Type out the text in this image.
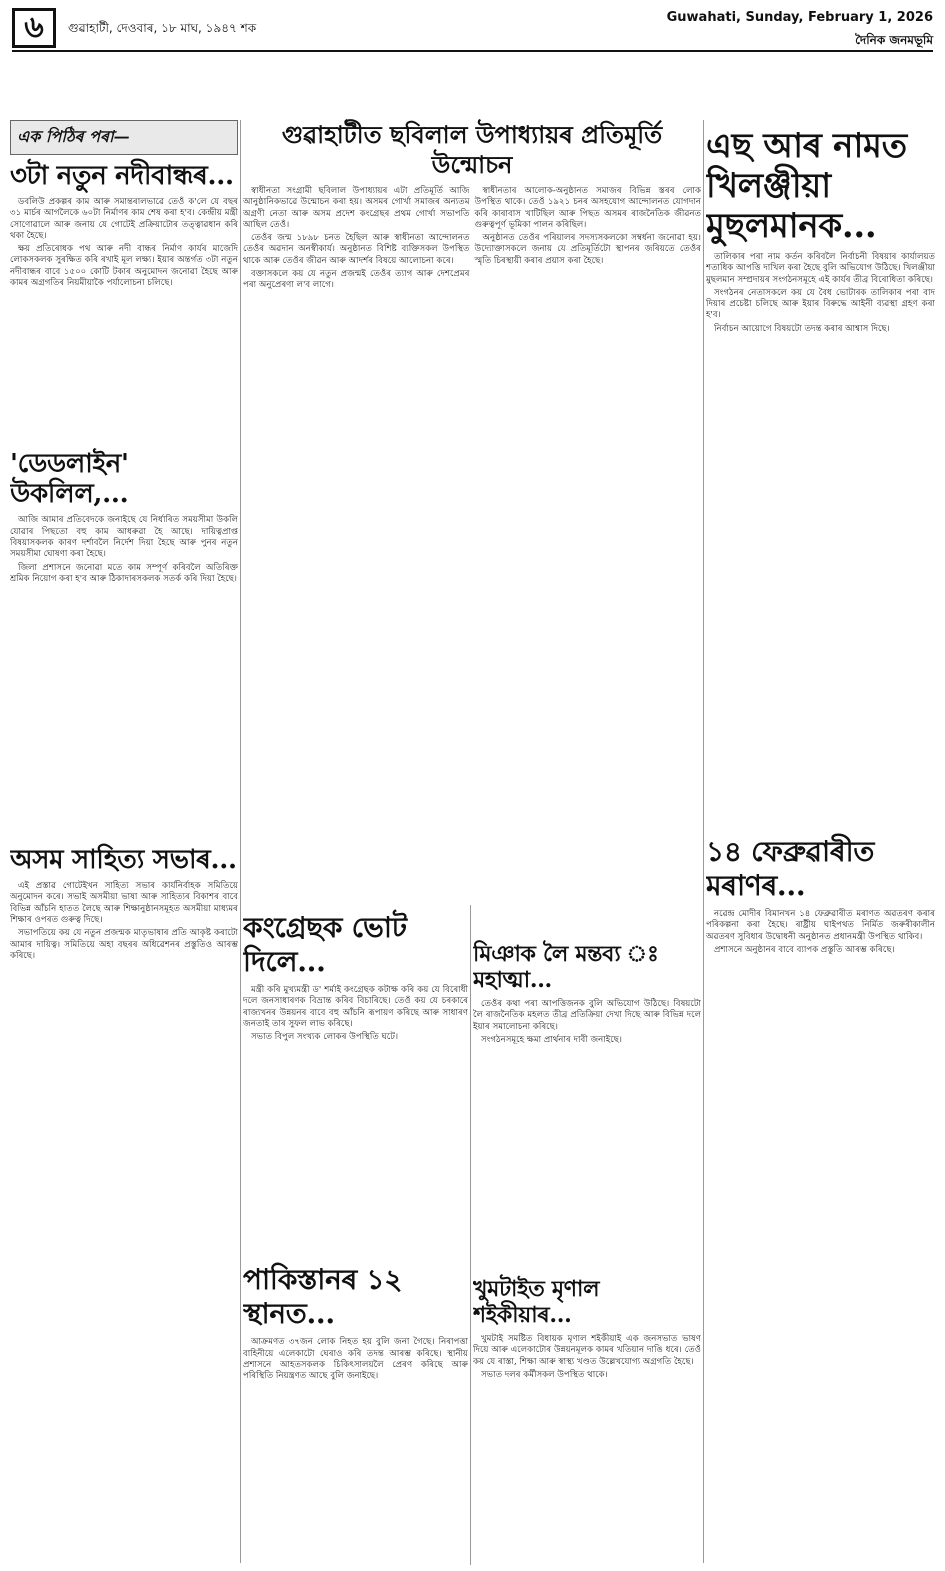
৬	গুৱাহাটী, দেওবাৰ, ১৮ মাঘ, ১৯৪৭ শক
Guwahati, Sunday, February 1, 2026
দৈনিক জনমভূমি
এক পিঠিৰ পৰা—
৩টা নতুন নদীবান্ধৰ...

ডবলিউ প্ৰকল্পৰ কাম আৰু সমান্তৰালভাৱে তেওঁ ক'লে যে বছৰ ৩১ মাৰ্চৰ আগলৈকে ৬০টা নিৰ্মাণৰ কাম শেষ কৰা হ'ব। কেন্দ্ৰীয় মন্ত্ৰী সোণোৱালে আৰু জনায় যে গোটেই প্ৰক্ৰিয়াটোৰ তত্ত্বাৱধান কৰি থকা হৈছে।

ক্ষয় প্ৰতিৰোধক পথ আৰু নদী বান্ধৰ নিৰ্মাণ কাৰ্যৰ মাজেদি লোকসকলক সুৰক্ষিত কৰি ৰখাই মূল লক্ষ্য। ইয়াৰ অন্তৰ্গত ৩টা নতুন নদীবান্ধৰ বাবে ১৫০০ কোটি টকাৰ অনুমোদন জনোৱা হৈছে আৰু কামৰ অগ্ৰগতিৰ নিয়মীয়াকৈ পৰ্যালোচনা চলিছে।

'ডেডলাইন' উকলিল,...

আজি আমাৰ প্ৰতিবেদকে জনাইছে যে নিৰ্ধাৰিত সময়সীমা উকলি যোৱাৰ পিছতো বহু কাম আধৰুৱা হৈ আছে। দায়িত্বপ্ৰাপ্ত বিষয়াসকলক কাৰণ দৰ্শাবলৈ নিৰ্দেশ দিয়া হৈছে আৰু পুনৰ নতুন সময়সীমা ঘোষণা কৰা হৈছে।

জিলা প্ৰশাসনে জনোৱা মতে কাম সম্পূৰ্ণ কৰিবলৈ অতিৰিক্ত শ্ৰমিক নিয়োগ কৰা হ'ব আৰু ঠিকাদাৰসকলক সতৰ্ক কৰি দিয়া হৈছে।

অসম সাহিত্য সভাৰ...

এই প্ৰস্তাৱ গোটেইখন সাহিত্য সভাৰ কাৰ্যনিৰ্বাহক সমিতিয়ে অনুমোদন কৰে। সভাই অসমীয়া ভাষা আৰু সাহিত্যৰ বিকাশৰ বাবে বিভিন্ন আঁচনি হাতত লৈছে আৰু শিক্ষানুষ্ঠানসমূহত অসমীয়া মাধ্যমৰ শিক্ষাৰ ওপৰত গুৰুত্ব দিছে।

সভাপতিয়ে কয় যে নতুন প্ৰজন্মক মাতৃভাষাৰ প্ৰতি আকৃষ্ট কৰাটো আমাৰ দায়িত্ব। সমিতিয়ে অহা বছৰৰ অধিৱেশনৰ প্ৰস্তুতিও আৰম্ভ কৰিছে।

গুৱাহাটীত ছবিলাল উপাধ্যায়ৰ প্ৰতিমূৰ্তি উন্মোচন

স্বাধীনতা সংগ্ৰামী ছবিলাল উপাধ্যায়ৰ এটা প্ৰতিমূৰ্তি আজি আনুষ্ঠানিকভাৱে উন্মোচন কৰা হয়। অসমৰ গোৰ্খা সমাজৰ অন্যতম অগ্ৰণী নেতা আৰু অসম প্ৰদেশ কংগ্ৰেছৰ প্ৰথম গোৰ্খা সভাপতি আছিল তেওঁ।

তেওঁৰ জন্ম ১৮৯৮ চনত হৈছিল আৰু স্বাধীনতা আন্দোলনত তেওঁৰ অৱদান অনস্বীকাৰ্য। অনুষ্ঠানত বিশিষ্ট ব্যক্তিসকল উপস্থিত থাকে আৰু তেওঁৰ জীৱন আৰু আদৰ্শৰ বিষয়ে আলোচনা কৰে।

বক্তাসকলে কয় যে নতুন প্ৰজন্মই তেওঁৰ ত্যাগ আৰু দেশপ্ৰেমৰ পৰা অনুপ্ৰেৰণা ল'ব লাগে।

স্বাধীনতাৰ আলোক-অনুষ্ঠানত সমাজৰ বিভিন্ন স্তৰৰ লোক উপস্থিত থাকে। তেওঁ ১৯২১ চনৰ অসহযোগ আন্দোলনত যোগদান কৰি কাৰাবাস খাটিছিল আৰু পিছত অসমৰ ৰাজনৈতিক জীৱনত গুৰুত্বপূৰ্ণ ভূমিকা পালন কৰিছিল।

অনুষ্ঠানত তেওঁৰ পৰিয়ালৰ সদস্যসকলকো সম্বৰ্ধনা জনোৱা হয়। উদ্যোক্তাসকলে জনায় যে প্ৰতিমূৰ্তিটো স্থাপনৰ জৰিয়তে তেওঁৰ স্মৃতি চিৰস্থায়ী কৰাৰ প্ৰয়াস কৰা হৈছে।

কংগ্ৰেছক ভোট দিলে...

মন্ত্ৰী কৰি মুখ্যমন্ত্ৰী ড' শৰ্মাই কংগ্ৰেছক কটাক্ষ কৰি কয় যে বিৰোধী দলে জনসাধাৰণক বিভ্ৰান্ত কৰিব বিচাৰিছে। তেওঁ কয় যে চৰকাৰে ৰাজ্যখনৰ উন্নয়নৰ বাবে বহু আঁচনি ৰূপায়ণ কৰিছে আৰু সাধাৰণ জনতাই তাৰ সুফল লাভ কৰিছে।

সভাত বিপুল সংখ্যক লোকৰ উপস্থিতি ঘটে।

পাকিস্তানৰ ১২ স্থানত...

আক্ৰমণত ৩৭জন লোক নিহত হয় বুলি জনা গৈছে। নিৰাপত্তা বাহিনীয়ে এলেকাটো ঘেৰাও কৰি তদন্ত আৰম্ভ কৰিছে। স্থানীয় প্ৰশাসনে আহতসকলক চিকিৎসালয়লৈ প্ৰেৰণ কৰিছে আৰু পৰিস্থিতি নিয়ন্ত্ৰণত আছে বুলি জনাইছে।

মিঞাক লৈ মন্তব্য ঃ মহাত্মা...

তেওঁৰ কথা পৰা আপত্তিজনক বুলি অভিযোগ উঠিছে। বিষয়টো লৈ ৰাজনৈতিক মহলত তীব্ৰ প্ৰতিক্ৰিয়া দেখা দিছে আৰু বিভিন্ন দলে ইয়াৰ সমালোচনা কৰিছে।

সংগঠনসমূহে ক্ষমা প্ৰাৰ্থনাৰ দাবী জনাইছে।

খুমটাইত মৃণাল শইকীয়াৰ...

খুমটাই সমষ্টিত বিধায়ক মৃণাল শইকীয়াই এক জনসভাত ভাষণ দিয়ে আৰু এলেকাটোৰ উন্নয়নমূলক কামৰ খতিয়ান দাঙি ধৰে। তেওঁ কয় যে ৰাস্তা, শিক্ষা আৰু স্বাস্থ্য খণ্ডত উল্লেখযোগ্য অগ্ৰগতি হৈছে।

সভাত দলৰ কৰ্মীসকল উপস্থিত থাকে।

এছ আৰ নামত খিলঞ্জীয়া মুছলমানক...

তালিকাৰ পৰা নাম কৰ্তন কৰিবলৈ নিৰ্বাচনী বিষয়াৰ কাৰ্যালয়ত শতাধিক আপত্তি দাখিল কৰা হৈছে বুলি অভিযোগ উঠিছে। খিলঞ্জীয়া মুছলমান সম্প্ৰদায়ৰ সংগঠনসমূহে এই কাৰ্যৰ তীব্ৰ বিৰোধিতা কৰিছে।

সংগঠনৰ নেতাসকলে কয় যে বৈধ ভোটাৰক তালিকাৰ পৰা বাদ দিয়াৰ প্ৰচেষ্টা চলিছে আৰু ইয়াৰ বিৰুদ্ধে আইনী ব্যৱস্থা গ্ৰহণ কৰা হ'ব।

নিৰ্বাচন আয়োগে বিষয়টো তদন্ত কৰাৰ আশ্বাস দিছে।

১৪ ফেব্ৰুৱাৰীত মৰাণৰ...

নৱেন্দ্ৰ মোদীৰ বিমানখন ১৪ ফেব্ৰুৱাৰীত মৰাণত অৱতৰণ কৰাৰ পৰিকল্পনা কৰা হৈছে। ৰাষ্ট্ৰীয় ঘাইপথত নিৰ্মিত জৰুৰীকালীন অৱতৰণ সুবিধাৰ উদ্বোধনী অনুষ্ঠানত প্ৰধানমন্ত্ৰী উপস্থিত থাকিব।

প্ৰশাসনে অনুষ্ঠানৰ বাবে ব্যাপক প্ৰস্তুতি আৰম্ভ কৰিছে।
